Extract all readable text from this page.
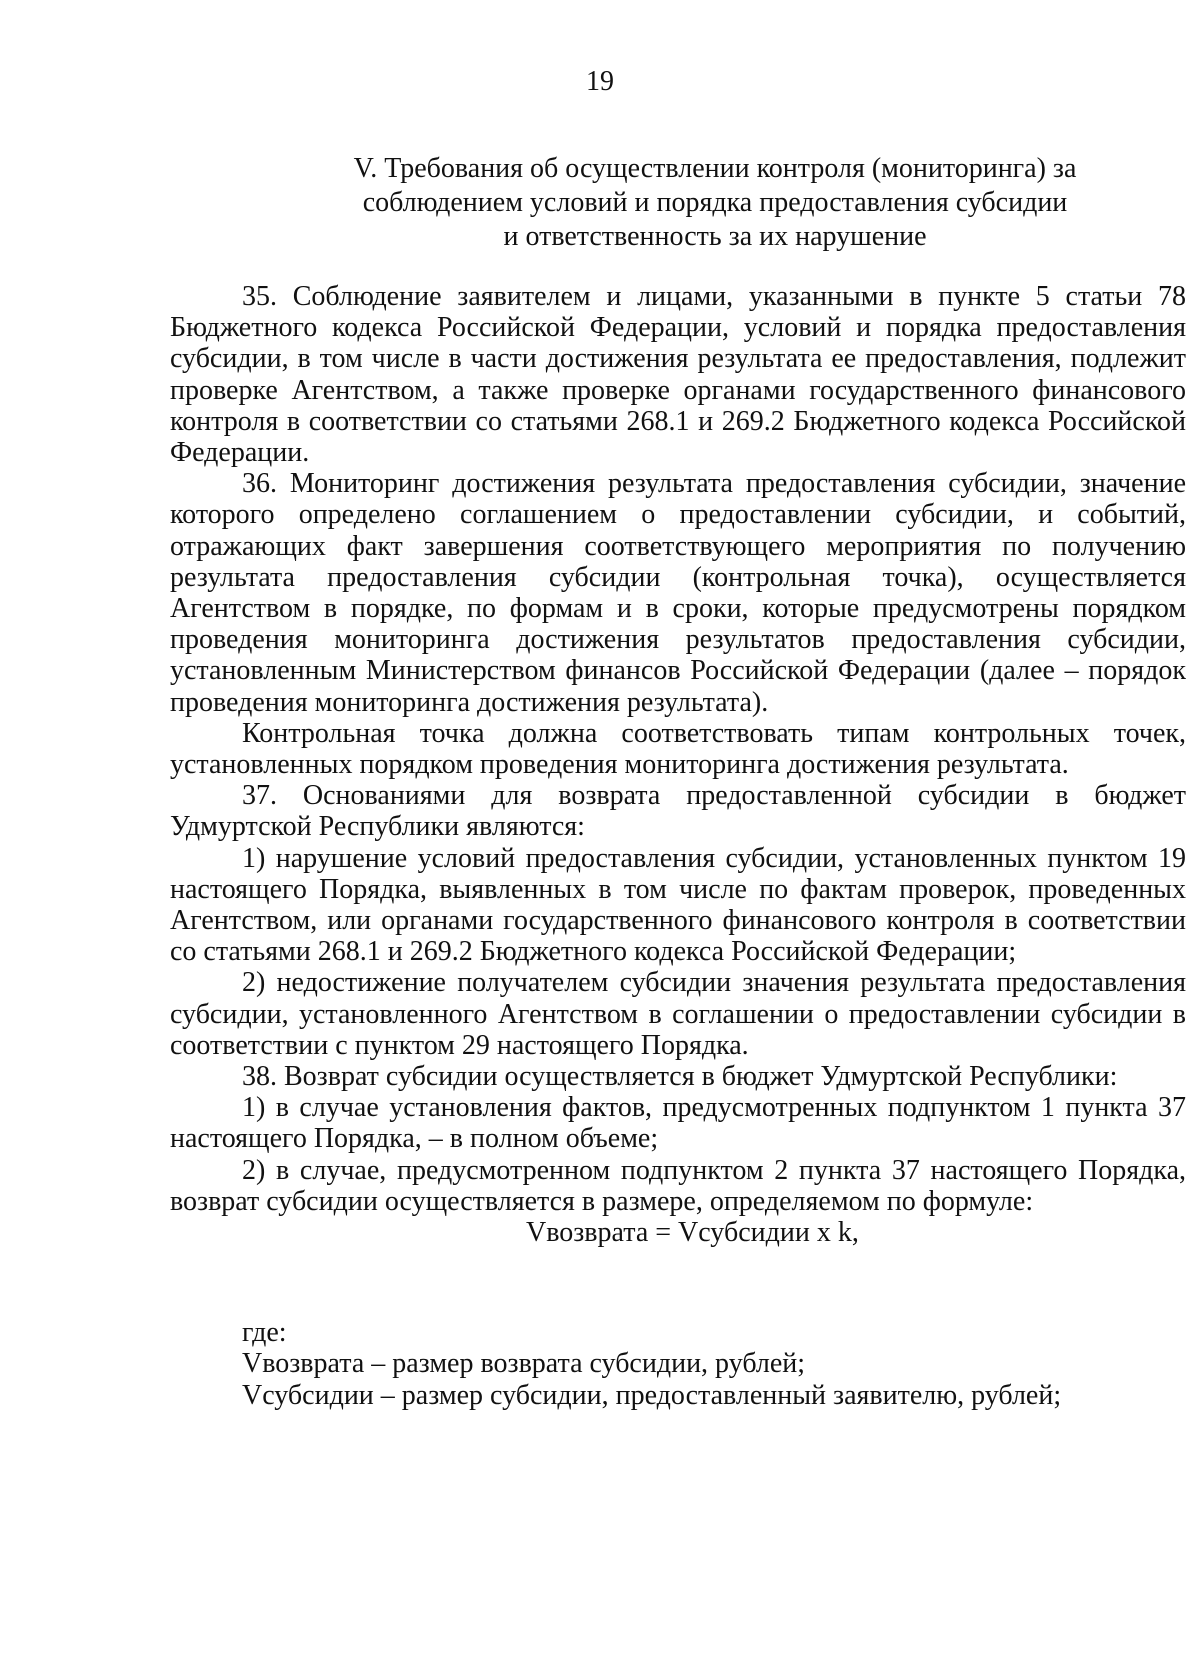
19
V. Требования об осуществлении контроля (мониторинга) за
соблюдением условий и порядка предоставления субсидии
и ответственность за их нарушение

35. Соблюдение заявителем и лицами, указанными в пункте 5 статьи 78 Бюджетного кодекса Российской Федерации, условий и порядка предоставления субсидии, в том числе в части достижения результата ее предоставления, подлежит проверке Агентством, а также проверке органами государственного финансового контроля в соответствии со статьями 268.1 и 269.2 Бюджетного кодекса Российской Федерации.

36. Мониторинг достижения результата предоставления субсидии, значение которого определено соглашением о предоставлении субсидии, и событий, отражающих факт завершения соответствующего мероприятия по получению результата предоставления субсидии (контрольная точка), осуществляется Агентством в порядке, по формам и в сроки, которые предусмотрены порядком проведения мониторинга достижения результатов предоставления субсидии, установленным Министерством финансов Российской Федерации (далее – порядок проведения мониторинга достижения результата).

Контрольная точка должна соответствовать типам контрольных точек, установленных порядком проведения мониторинга достижения результата.

37. Основаниями для возврата предоставленной субсидии в бюджет Удмуртской Республики являются:

1) нарушение условий предоставления субсидии, установленных пунктом 19 настоящего Порядка, выявленных в том числе по фактам проверок, проведенных Агентством, или органами государственного финансового контроля в соответствии со статьями 268.1 и 269.2 Бюджетного кодекса Российской Федерации;

2) недостижение получателем субсидии значения результата предоставления субсидии, установленного Агентством в соглашении о предоставлении субсидии в соответствии с пунктом 29 настоящего Порядка.

38. Возврат субсидии осуществляется в бюджет Удмуртской Республики:

1) в случае установления фактов, предусмотренных подпунктом 1 пункта 37 настоящего Порядка, – в полном объеме;

2) в случае, предусмотренном подпунктом 2 пункта 37 настоящего Порядка, возврат субсидии осуществляется в размере, определяемом по формуле:

Vвозврата = Vсубсидии x k,

где:

Vвозврата – размер возврата субсидии, рублей;

Vсубсидии – размер субсидии, предоставленный заявителю, рублей;
